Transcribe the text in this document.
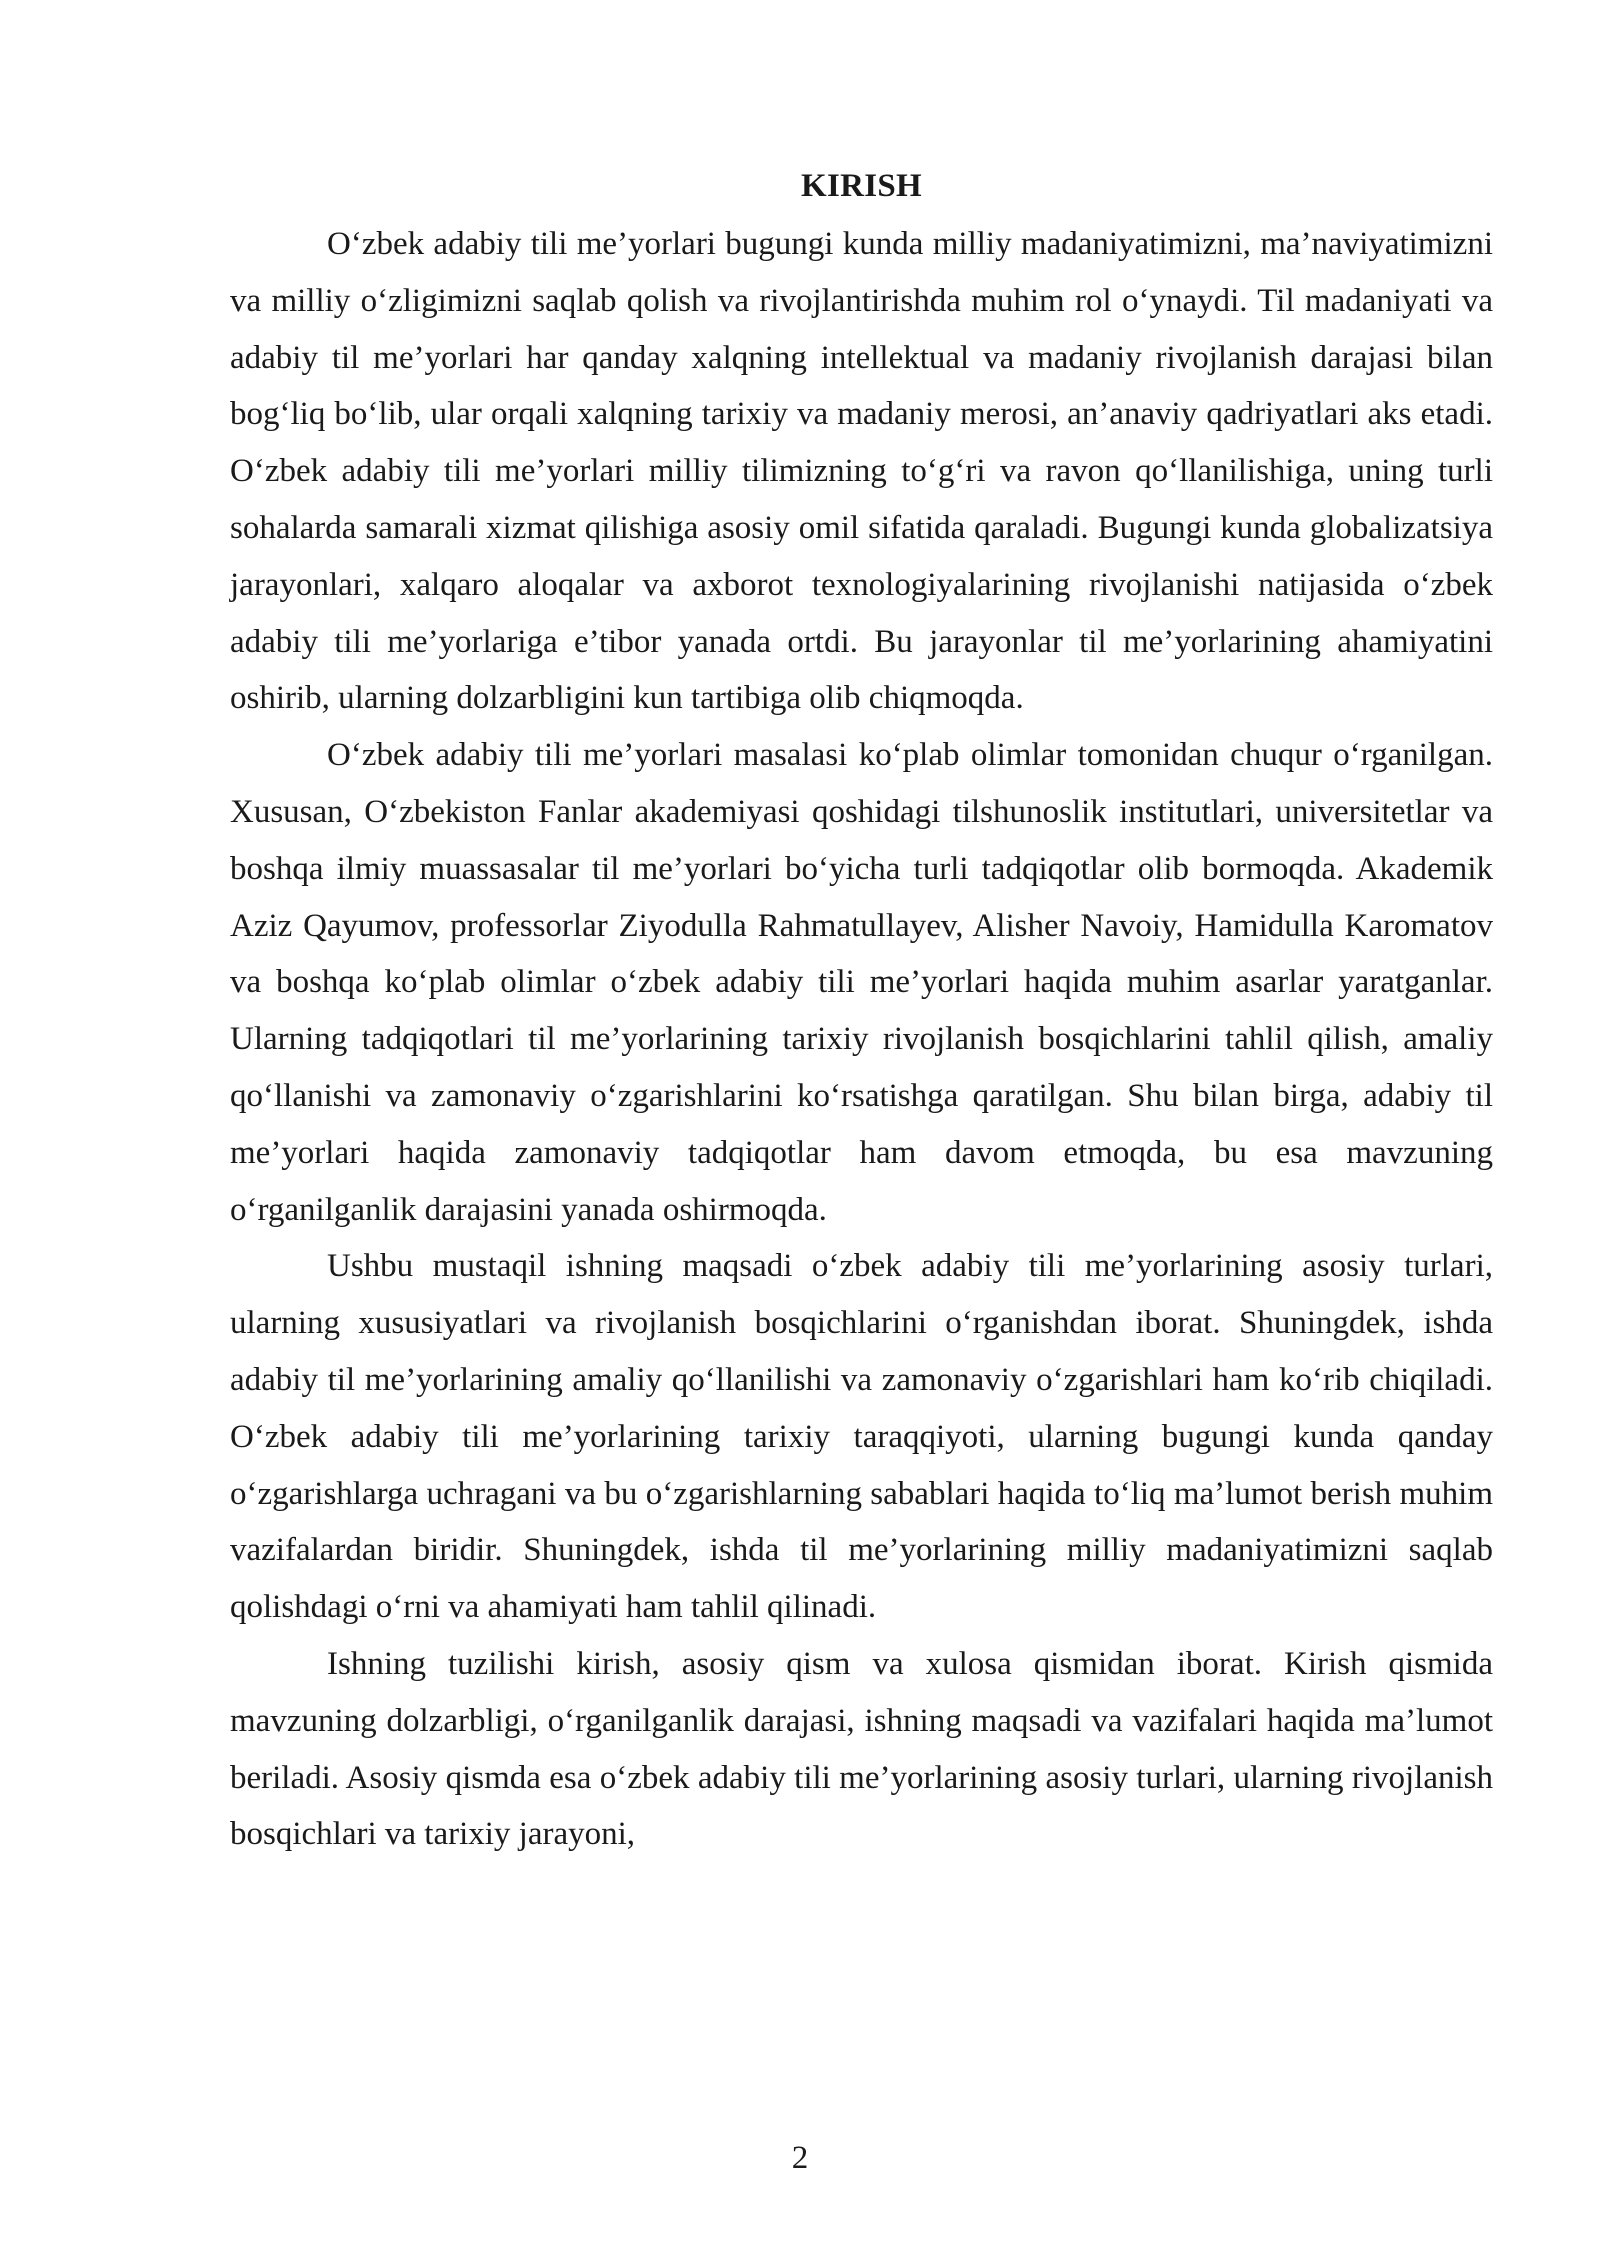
KIRISH

O‘zbek adabiy tili me’yorlari bugungi kunda milliy madaniyatimizni, ma’naviyatimizni va milliy o‘zligimizni saqlab qolish va rivojlantirishda muhim rol o‘ynaydi. Til madaniyati va adabiy til me’yorlari har qanday xalqning intellektual va madaniy rivojlanish darajasi bilan bog‘liq bo‘lib, ular orqali xalqning tarixiy va madaniy merosi, an’anaviy qadriyatlari aks etadi. O‘zbek adabiy tili me’yorlari milliy tilimizning to‘g‘ri va ravon qo‘llanilishiga, uning turli sohalarda samarali xizmat qilishiga asosiy omil sifatida qaraladi. Bugungi kunda globalizatsiya jarayonlari, xalqaro aloqalar va axborot texnologiyalarining rivojlanishi natijasida o‘zbek adabiy tili me’yorlariga e’tibor yanada ortdi. Bu jarayonlar til me’yorlarining ahamiyatini oshirib, ularning dolzarbligini kun tartibiga olib chiqmoqda.

O‘zbek adabiy tili me’yorlari masalasi ko‘plab olimlar tomonidan chuqur o‘rganilgan. Xususan, O‘zbekiston Fanlar akademiyasi qoshidagi tilshunoslik institutlari, universitetlar va boshqa ilmiy muassasalar til me’yorlari bo‘yicha turli tadqiqotlar olib bormoqda. Akademik Aziz Qayumov, professorlar Ziyodulla Rahmatullayev, Alisher Navoiy, Hamidulla Karomatov va boshqa ko‘plab olimlar o‘zbek adabiy tili me’yorlari haqida muhim asarlar yaratganlar. Ularning tadqiqotlari til me’yorlarining tarixiy rivojlanish bosqichlarini tahlil qilish, amaliy qo‘llanishi va zamonaviy o‘zgarishlarini ko‘rsatishga qaratilgan. Shu bilan birga, adabiy til me’yorlari haqida zamonaviy tadqiqotlar ham davom etmoqda, bu esa mavzuning o‘rganilganlik darajasini yanada oshirmoqda.

Ushbu mustaqil ishning maqsadi o‘zbek adabiy tili me’yorlarining asosiy turlari, ularning xususiyatlari va rivojlanish bosqichlarini o‘rganishdan iborat. Shuningdek, ishda adabiy til me’yorlarining amaliy qo‘llanilishi va zamonaviy o‘zgarishlari ham ko‘rib chiqiladi. O‘zbek adabiy tili me’yorlarining tarixiy taraqqiyoti, ularning bugungi kunda qanday o‘zgarishlarga uchragani va bu o‘zgarishlarning sabablari haqida to‘liq ma’lumot berish muhim vazifalardan biridir. Shuningdek, ishda til me’yorlarining milliy madaniyatimizni saqlab qolishdagi o‘rni va ahamiyati ham tahlil qilinadi.

Ishning tuzilishi kirish, asosiy qism va xulosa qismidan iborat. Kirish qismida mavzuning dolzarbligi, o‘rganilganlik darajasi, ishning maqsadi va vazifalari haqida ma’lumot beriladi. Asosiy qismda esa o‘zbek adabiy tili me’yorlarining asosiy turlari, ularning rivojlanish bosqichlari va tarixiy jarayoni,

2
